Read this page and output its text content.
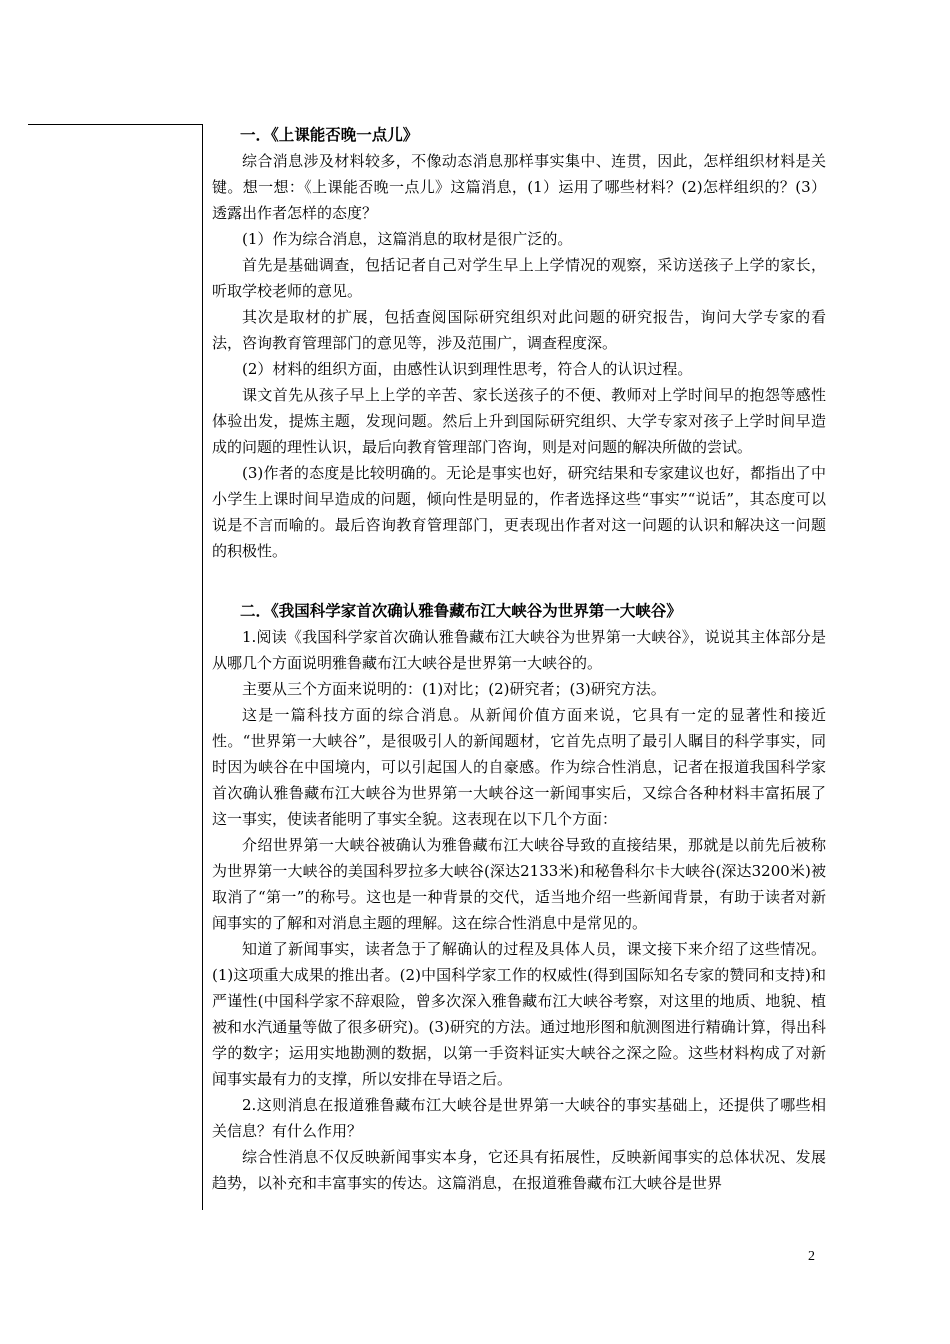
一．《上课能否晚一点儿》

综合消息涉及材料较多，不像动态消息那样事实集中、连贯，因此，怎样组织材料是关键。想一想：《上课能否晚一点儿》这篇消息，(1）运用了哪些材料？(2)怎样组织的？(3）透露出作者怎样的态度？

(1）作为综合消息，这篇消息的取材是很广泛的。

首先是基础调查，包括记者自己对学生早上上学情况的观察，采访送孩子上学的家长，听取学校老师的意见。

其次是取材的扩展，包括查阅国际研究组织对此问题的研究报告，询问大学专家的看法，咨询教育管理部门的意见等，涉及范围广，调查程度深。

(2）材料的组织方面，由感性认识到理性思考，符合人的认识过程。

课文首先从孩子早上上学的辛苦、家长送孩子的不便、教师对上学时间早的抱怨等感性体验出发，提炼主题，发现问题。然后上升到国际研究组织、大学专家对孩子上学时间早造成的问题的理性认识，最后向教育管理部门咨询，则是对问题的解决所做的尝试。

(3)作者的态度是比较明确的。无论是事实也好，研究结果和专家建议也好，都指出了中小学生上课时间早造成的问题，倾向性是明显的，作者选择这些“事实”“说话”，其态度可以说是不言而喻的。最后咨询教育管理部门，更表现出作者对这一问题的认识和解决这一问题的积极性。

二．《我国科学家首次确认雅鲁藏布江大峡谷为世界第一大峡谷》

1.阅读《我国科学家首次确认雅鲁藏布江大峡谷为世界第一大峡谷》，说说其主体部分是从哪几个方面说明雅鲁藏布江大峡谷是世界第一大峡谷的。

主要从三个方面来说明的：(1)对比；(2)研究者；(3)研究方法。

这是一篇科技方面的综合消息。从新闻价值方面来说，它具有一定的显著性和接近性。“世界第一大峡谷”，是很吸引人的新闻题材，它首先点明了最引人瞩目的科学事实，同时因为峡谷在中国境内，可以引起国人的自豪感。作为综合性消息，记者在报道我国科学家首次确认雅鲁藏布江大峡谷为世界第一大峡谷这一新闻事实后，又综合各种材料丰富拓展了这一事实，使读者能明了事实全貌。这表现在以下几个方面：

介绍世界第一大峡谷被确认为雅鲁藏布江大峡谷导致的直接结果，那就是以前先后被称为世界第一大峡谷的美国科罗拉多大峡谷(深达2133米)和秘鲁科尔卡大峡谷(深达3200米)被取消了“第一”的称号。这也是一种背景的交代，适当地介绍一些新闻背景，有助于读者对新闻事实的了解和对消息主题的理解。这在综合性消息中是常见的。

知道了新闻事实，读者急于了解确认的过程及具体人员，课文接下来介绍了这些情况。(1)这项重大成果的推出者。(2)中国科学家工作的权威性(得到国际知名专家的赞同和支持)和严谨性(中国科学家不辞艰险，曾多次深入雅鲁藏布江大峡谷考察，对这里的地质、地貌、植被和水汽通量等做了很多研究)。(3)研究的方法。通过地形图和航测图进行精确计算，得出科学的数字；运用实地勘测的数据，以第一手资料证实大峡谷之深之险。这些材料构成了对新闻事实最有力的支撑，所以安排在导语之后。

2.这则消息在报道雅鲁藏布江大峡谷是世界第一大峡谷的事实基础上，还提供了哪些相关信息？有什么作用？

综合性消息不仅反映新闻事实本身，它还具有拓展性，反映新闻事实的总体状况、发展趋势，以补充和丰富事实的传达。这篇消息，在报道雅鲁藏布江大峡谷是世界

2
